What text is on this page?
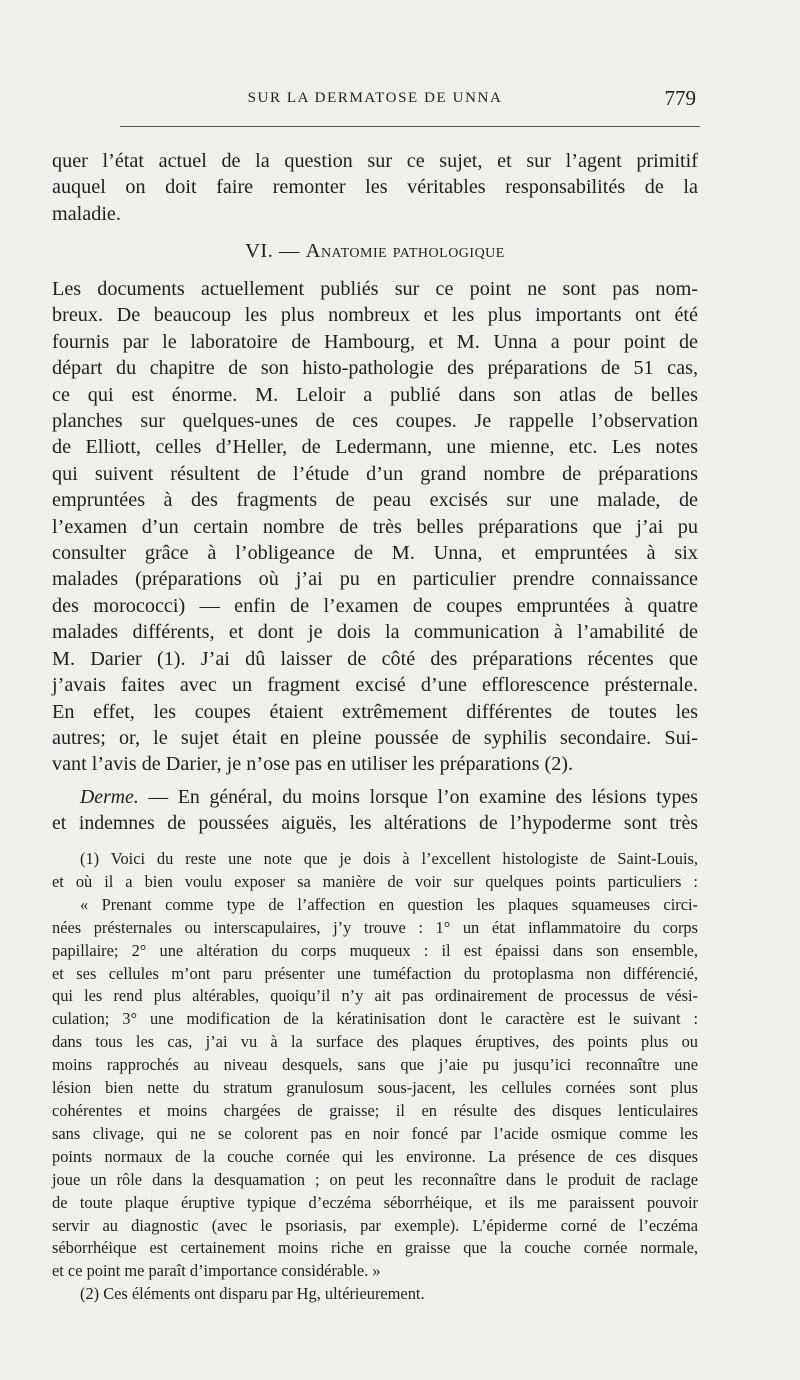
SUR LA DERMATOSE DE UNNA	779
quer l’état actuel de la question sur ce sujet, et sur l’agent primitif
auquel on doit faire remonter les véritables responsabilités de la
maladie.
VI. — Anatomie pathologique
Les documents actuellement publiés sur ce point ne sont pas nom-
breux. De beaucoup les plus nombreux et les plus importants ont été
fournis par le laboratoire de Hambourg, et M. Unna a pour point de
départ du chapitre de son histo-pathologie des préparations de 51 cas,
ce qui est énorme. M. Leloir a publié dans son atlas de belles
planches sur quelques-unes de ces coupes. Je rappelle l’observation
de Elliott, celles d’Heller, de Ledermann, une mienne, etc. Les notes
qui suivent résultent de l’étude d’un grand nombre de préparations
empruntées à des fragments de peau excisés sur une malade, de
l’examen d’un certain nombre de très belles préparations que j’ai pu
consulter grâce à l’obligeance de M. Unna, et empruntées à six
malades (préparations où j’ai pu en particulier prendre connaissance
des morococci) — enfin de l’examen de coupes empruntées à quatre
malades différents, et dont je dois la communication à l’amabilité de
M. Darier (1). J’ai dû laisser de côté des préparations récentes que
j’avais faites avec un fragment excisé d’une efflorescence présternale.
En effet, les coupes étaient extrêmement différentes de toutes les
autres; or, le sujet était en pleine poussée de syphilis secondaire. Sui-
vant l’avis de Darier, je n’ose pas en utiliser les préparations (2).
Derme. — En général, du moins lorsque l’on examine des lésions types
et indemnes de poussées aiguës, les altérations de l’hypoderme sont très
(1) Voici du reste une note que je dois à l’excellent histologiste de Saint-Louis,
et où il a bien voulu exposer sa manière de voir sur quelques points particuliers :
« Prenant comme type de l’affection en question les plaques squameuses circi-
nées présternales ou interscapulaires, j’y trouve : 1° un état inflammatoire du corps
papillaire; 2° une altération du corps muqueux : il est épaissi dans son ensemble,
et ses cellules m’ont paru présenter une tuméfaction du protoplasma non différencié,
qui les rend plus altérables, quoiqu’il n’y ait pas ordinairement de processus de vési-
culation; 3° une modification de la kératinisation dont le caractère est le suivant :
dans tous les cas, j’ai vu à la surface des plaques éruptives, des points plus ou
moins rapprochés au niveau desquels, sans que j’aie pu jusqu’ici reconnaître une
lésion bien nette du stratum granulosum sous-jacent, les cellules cornées sont plus
cohérentes et moins chargées de graisse; il en résulte des disques lenticulaires
sans clivage, qui ne se colorent pas en noir foncé par l’acide osmique comme les
points normaux de la couche cornée qui les environne. La présence de ces disques
joue un rôle dans la desquamation ; on peut les reconnaître dans le produit de raclage
de toute plaque éruptive typique d’eczéma séborrhéique, et ils me paraissent pouvoir
servir au diagnostic (avec le psoriasis, par exemple). L’épiderme corné de l’eczéma
séborrhéique est certainement moins riche en graisse que la couche cornée normale,
et ce point me paraît d’importance considérable. »
(2) Ces éléments ont disparu par Hg, ultérieurement.
